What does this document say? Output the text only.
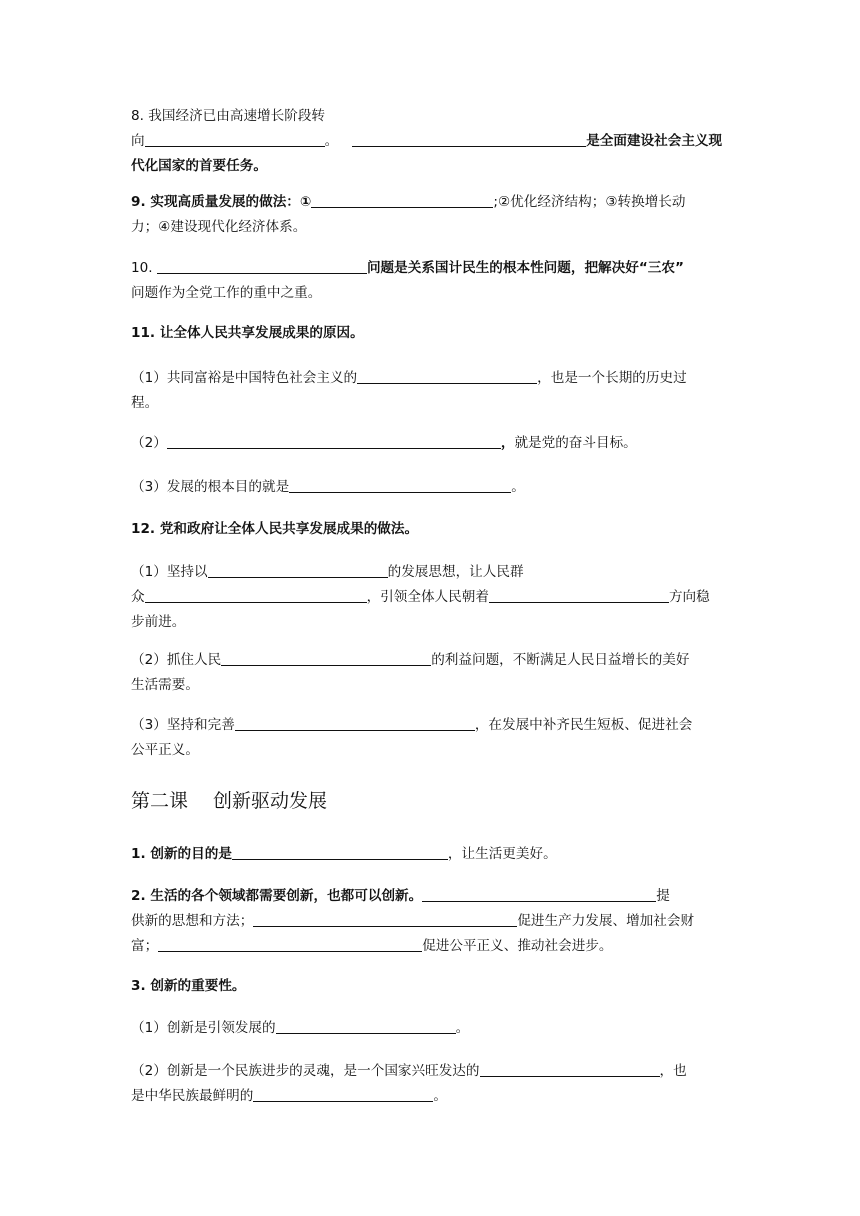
8. 我国经济已由高速增长阶段转
向	。	是全面建设社会主义现
代化国家的首要任务。
9. 实现高质量发展的做法：①	;②优化经济结构；③转换增长动
力；④建设现代化经济体系。
10.	问题是关系国计民生的根本性问题，把解决好“三农”
问题作为全党工作的重中之重。
11. 让全体人民共享发展成果的原因。
（1）共同富裕是中国特色社会主义的	，也是一个长期的历史过
程。
（2）	，就是党的奋斗目标。
（3）发展的根本目的就是	。
12. 党和政府让全体人民共享发展成果的做法。
（1）坚持以	的发展思想，让人民群
众	，引领全体人民朝着	方向稳
步前进。
（2）抓住人民	的利益问题，不断满足人民日益增长的美好
生活需要。
（3）坚持和完善	，在发展中补齐民生短板、促进社会
公平正义。
第二课　 创新驱动发展
1. 创新的目的是	，让生活更美好。
2. 生活的各个领域都需要创新，也都可以创新。	提
供新的思想和方法；	促进生产力发展、增加社会财
富；	促进公平正义、推动社会进步。
3. 创新的重要性。
（1）创新是引领发展的	。
（2）创新是一个民族进步的灵魂，是一个国家兴旺发达的	，也
是中华民族最鲜明的	。
